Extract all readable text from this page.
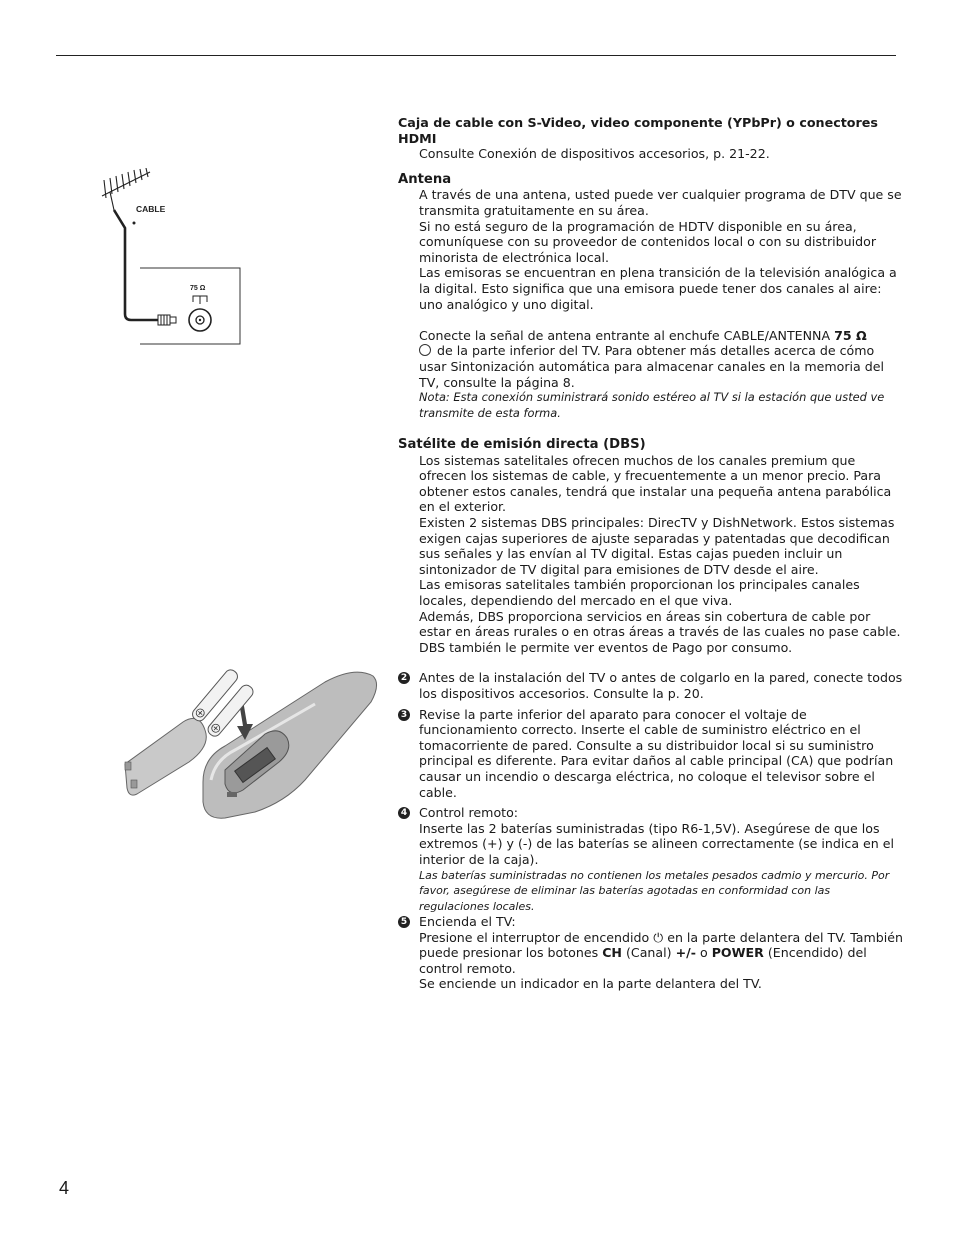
CABLE
75 Ω

Caja de cable con S-Video, video componente (YPbPr) o conectores HDMI

Consulte Conexión de dispositivos accesorios, p. 21-22.

Antena

A través de una antena, usted puede ver cualquier programa de DTV que se transmita gratuitamente en su área.

Si no está seguro de la programación de HDTV disponible en su área, comuníquese con su proveedor de contenidos local o con su distribuidor minorista de electrónica local.

Las emisoras se encuentran en plena transición de la televisión analógica a la digital. Esto significa que una emisora puede tener dos canales al aire: uno analógico y uno digital.

Conecte la señal de antena entrante al enchufe CABLE/ANTENNA 75 Ω
de la parte inferior del TV. Para obtener más detalles acerca de cómo usar Sintonización automática para almacenar canales en la memoria del TV, consulte la página 8.

Nota: Esta conexión suministrará sonido estéreo al TV si la estación que usted ve transmite de esta forma.

Satélite de emisión directa (DBS)

Los sistemas satelitales ofrecen muchos de los canales premium que ofrecen los sistemas de cable, y frecuentemente a un menor precio. Para obtener estos canales, tendrá que instalar una pequeña antena parabólica en el exterior.

Existen 2 sistemas DBS principales: DirecTV y DishNetwork. Estos sistemas exigen cajas superiores de ajuste separadas y patentadas que decodifican sus señales y las envían al TV digital. Estas cajas pueden incluir un sintonizador de TV digital para emisiones de DTV desde el aire.

Las emisoras satelitales también proporcionan los principales canales locales, dependiendo del mercado en el que viva.

Además, DBS proporciona servicios en áreas sin cobertura de cable por estar en áreas rurales o en otras áreas a través de las cuales no pase cable.

DBS también le permite ver eventos de Pago por consumo.

2 Antes de la instalación del TV o antes de colgarlo en la pared, conecte todos los dispositivos accesorios. Consulte la p. 20.

3 Revise la parte inferior del aparato para conocer el voltaje de funcionamiento correcto. Inserte el cable de suministro eléctrico en el tomacorriente de pared. Consulte a su distribuidor local si su suministro principal es diferente. Para evitar daños al cable principal (CA) que podrían causar un incendio o descarga eléctrica, no coloque el televisor sobre el cable.

4 Control remoto:

Inserte las 2 baterías suministradas (tipo R6-1,5V). Asegúrese de que los extremos (+) y (-) de las baterías se alineen correctamente (se indica en el interior de la caja).

Las baterías suministradas no contienen los metales pesados cadmio y mercurio. Por favor, asegúrese de eliminar las baterías agotadas en conformidad con las regulaciones locales.

5 Encienda el TV:

Presione el interruptor de encendido ⏻ en la parte delantera del TV. También puede presionar los botones CH (Canal) +/- o POWER (Encendido) del control remoto.
Se enciende un indicador en la parte delantera del TV.

4
